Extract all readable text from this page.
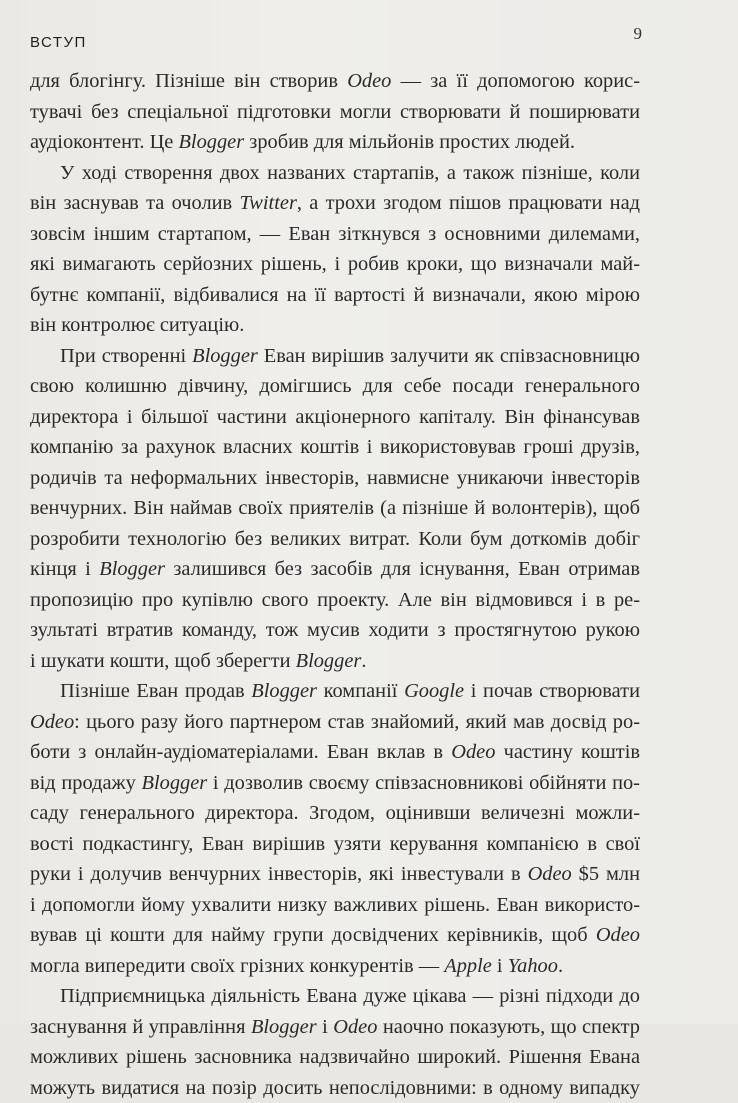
ВСТУП	9

для блогінгу. Пізніше він створив Odeo — за її допомогою корис-
тувачі без спеціальної підготовки могли створювати й поширювати
аудіоконтент. Це Blogger зробив для мільйонів простих людей.

У ході створення двох названих стартапів, а також пізніше, коли
він заснував та очолив Twitter, а трохи згодом пішов працювати над
зовсім іншим стартапом, — Еван зіткнувся з основними дилемами,
які вимагають серйозних рішень, і робив кроки, що визначали май-
бутнє компанії, відбивалися на її вартості й визначали, якою мірою
він контролює ситуацію.

При створенні Blogger Еван вирішив залучити як співзасновницю
свою колишню дівчину, домігшись для себе посади генерального
директора і більшої частини акціонерного капіталу. Він фінансував
компанію за рахунок власних коштів і використовував гроші друзів,
родичів та неформальних інвесторів, навмисне уникаючи інвесторів
венчурних. Він наймав своїх приятелів (а пізніше й волонтерів), щоб
розробити технологію без великих витрат. Коли бум доткомів добіг
кінця і Blogger залишився без засобів для існування, Еван отримав
пропозицію про купівлю свого проекту. Але він відмовився і в ре-
зультаті втратив команду, тож мусив ходити з простягнутою рукою
і шукати кошти, щоб зберегти Blogger.

Пізніше Еван продав Blogger компанії Google і почав створювати
Odeo: цього разу його партнером став знайомий, який мав досвід ро-
боти з онлайн-аудіоматеріалами. Еван вклав в Odeo частину коштів
від продажу Blogger і дозволив своєму співзасновникові обійняти по-
саду генерального директора. Згодом, оцінивши величезні можли-
вості подкастингу, Еван вирішив узяти керування компанією в свої
руки і долучив венчурних інвесторів, які інвестували в Odeo $5 млн
і допомогли йому ухвалити низку важливих рішень. Еван використо-
вував ці кошти для найму групи досвідчених керівників, щоб Odeo
могла випередити своїх грізних конкурентів — Apple і Yahoo.

Підприємницька діяльність Евана дуже цікава — різні підходи до
заснування й управління Blogger і Odeo наочно показують, що спектр
можливих рішень засновника надзвичайно широкий. Рішення Евана
можуть видатися на позір досить непослідовними: в одному випадку
